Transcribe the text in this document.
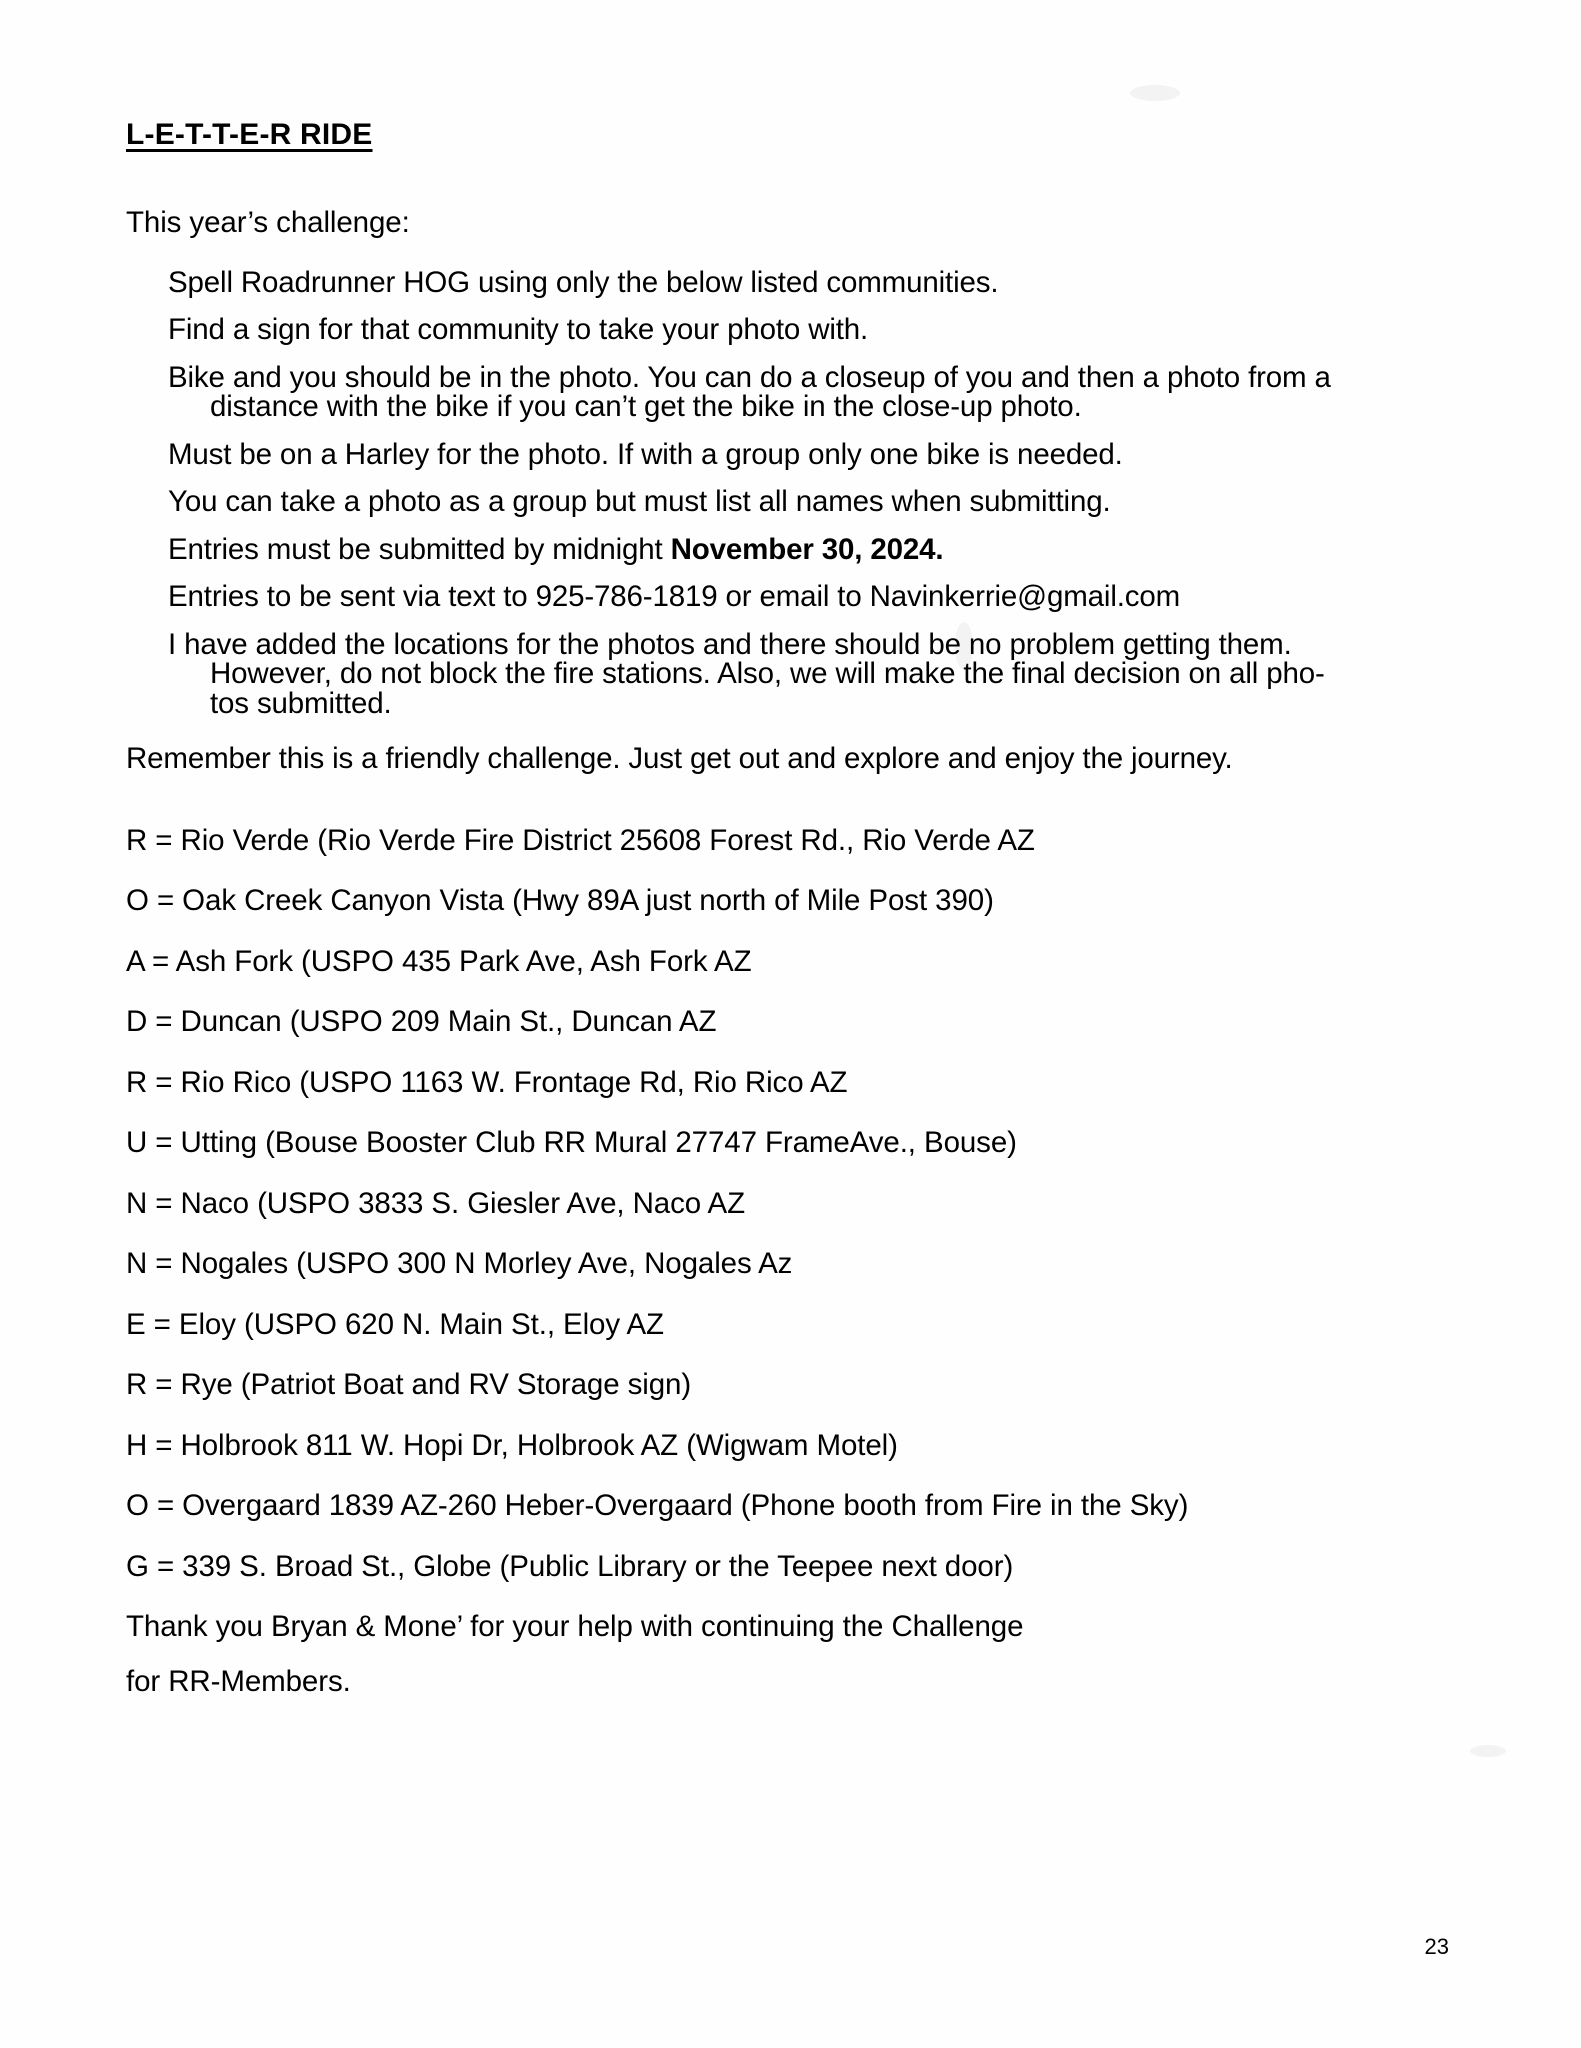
L-E-T-T-E-R RIDE

This year’s challenge:

Spell Roadrunner HOG using only the below listed communities.
Find a sign for that community to take your photo with.
Bike and you should be in the photo. You can do a closeup of you and then a photo from a
distance with the bike if you can’t get the bike in the close-up photo.
Must be on a Harley for the photo. If with a group only one bike is needed.
You can take a photo as a group but must list all names when submitting.
Entries must be submitted by midnight November 30, 2024.
Entries to be sent via text to 925-786-1819 or email to Navinkerrie@gmail.com
I have added the locations for the photos and there should be no problem getting them.
However, do not block the fire stations. Also, we will make the final decision on all pho-
tos submitted.

Remember this is a friendly challenge. Just get out and explore and enjoy the journey.

R = Rio Verde (Rio Verde Fire District 25608 Forest Rd., Rio Verde AZ
O = Oak Creek Canyon Vista (Hwy 89A just north of Mile Post 390)
A = Ash Fork (USPO 435 Park Ave, Ash Fork AZ
D = Duncan (USPO 209 Main St., Duncan AZ
R = Rio Rico (USPO 1163 W. Frontage Rd, Rio Rico AZ
U = Utting (Bouse Booster Club RR Mural 27747 FrameAve., Bouse)
N = Naco (USPO 3833 S. Giesler Ave, Naco AZ
N = Nogales (USPO 300 N Morley Ave, Nogales Az
E = Eloy (USPO 620 N. Main St., Eloy AZ
R = Rye (Patriot Boat and RV Storage sign)
H = Holbrook 811 W. Hopi Dr, Holbrook AZ (Wigwam Motel)
O = Overgaard 1839 AZ-260 Heber-Overgaard (Phone booth from Fire in the Sky)
G = 339 S. Broad St., Globe (Public Library or the Teepee next door)
Thank you Bryan & Mone’ for your help with continuing the Challenge
for RR-Members.
23
